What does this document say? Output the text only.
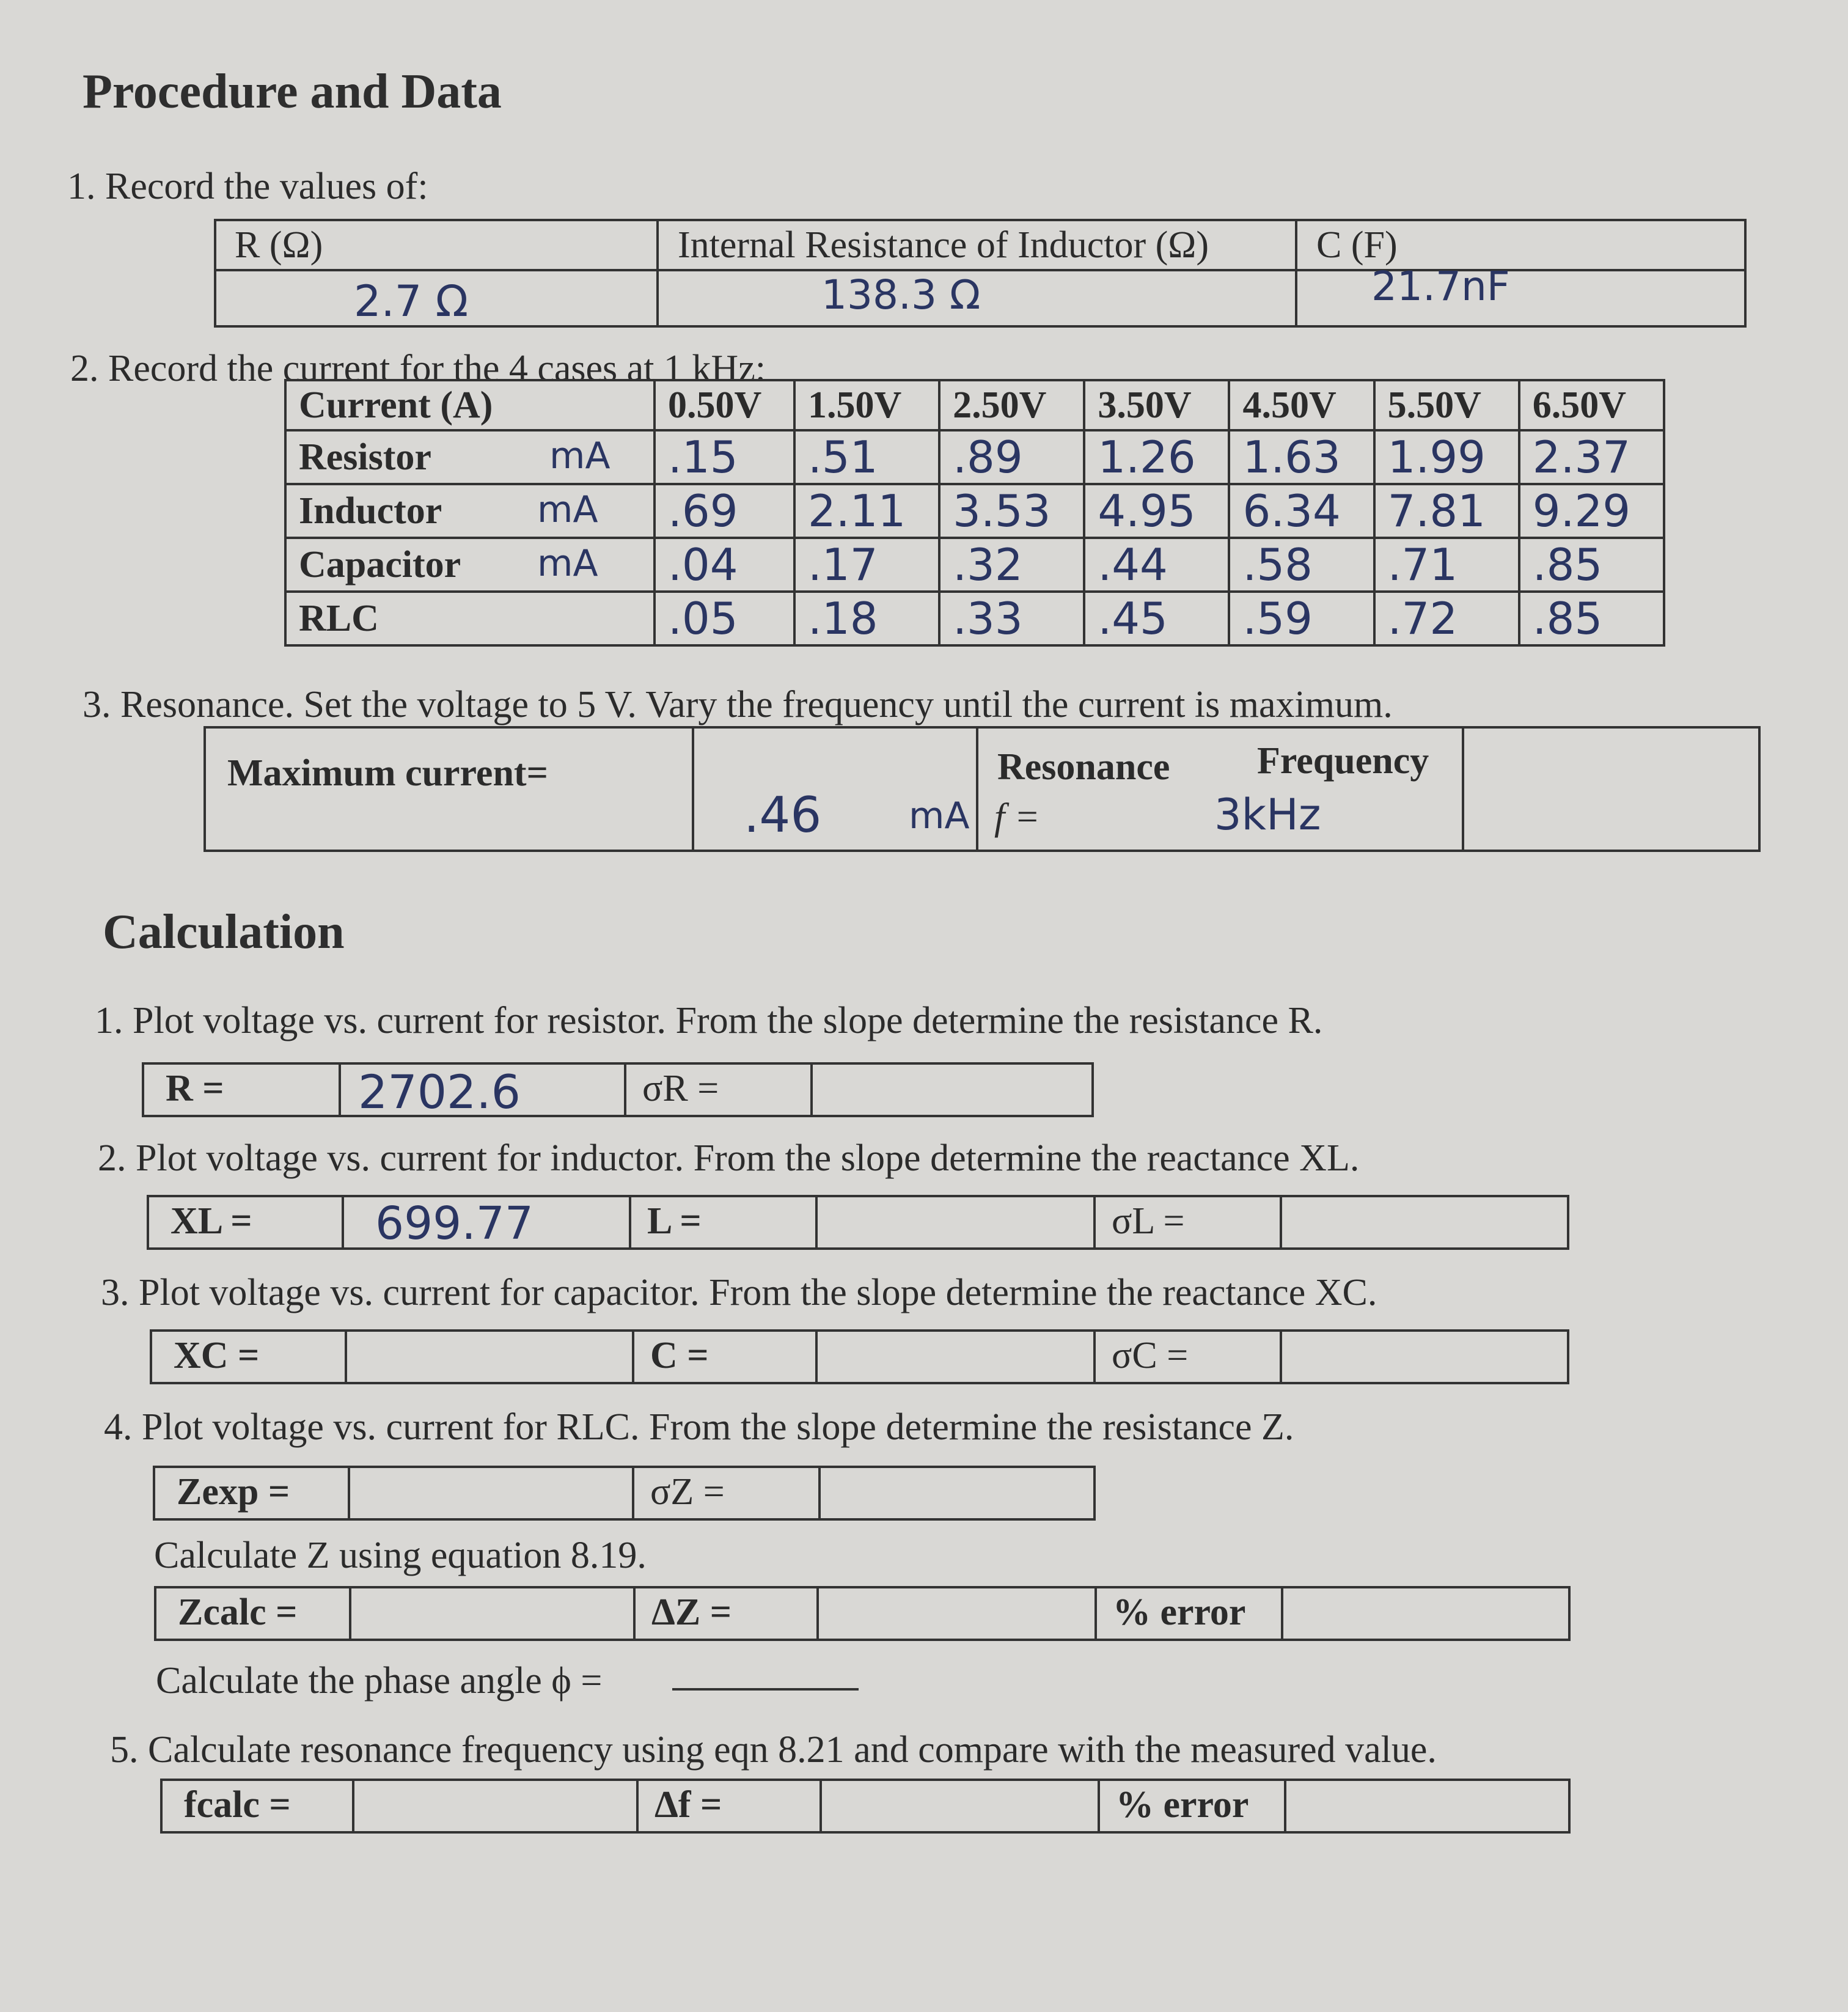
Procedure and Data
1. Record the values of:
R (Ω)	Internal Resistance of Inductor (Ω)	C (F)
2.7 Ω	138.3 Ω	21.7nF
2. Record the current for the 4 cases at 1 kHz:
Current (A)	0.50V	1.50V	2.50V	3.50V	4.50V	5.50V	6.50V
Resistor mA	.15	.51	.89	1.26	1.63	1.99	2.37
Inductor mA	.69	2.11	3.53	4.95	6.34	7.81	9.29
Capacitor mA	.04	.17	.32	.44	.58	.71	.85
RLC	.05	.18	.33	.45	.59	.72	.85
3. Resonance. Set the voltage to 5 V. Vary the frequency until the current is maximum.
Maximum current=
.46 mA
Resonance Frequency
f =	3kHz
Calculation
1. Plot voltage vs. current for resistor. From the slope determine the resistance R.
R =	2702.6	σR =
2. Plot voltage vs. current for inductor. From the slope determine the reactance XL.
XL =	699.77	L =	σL =
3. Plot voltage vs. current for capacitor. From the slope determine the reactance XC.
XC =	C =	σC =
4. Plot voltage vs. current for RLC. From the slope determine the resistance Z.
Zexp =	σZ =
Calculate Z using equation 8.19.
Zcalc =	ΔZ =	% error
Calculate the phase angle ϕ =
5. Calculate resonance frequency using eqn 8.21 and compare with the measured value.
fcalc =	Δf =	% error
